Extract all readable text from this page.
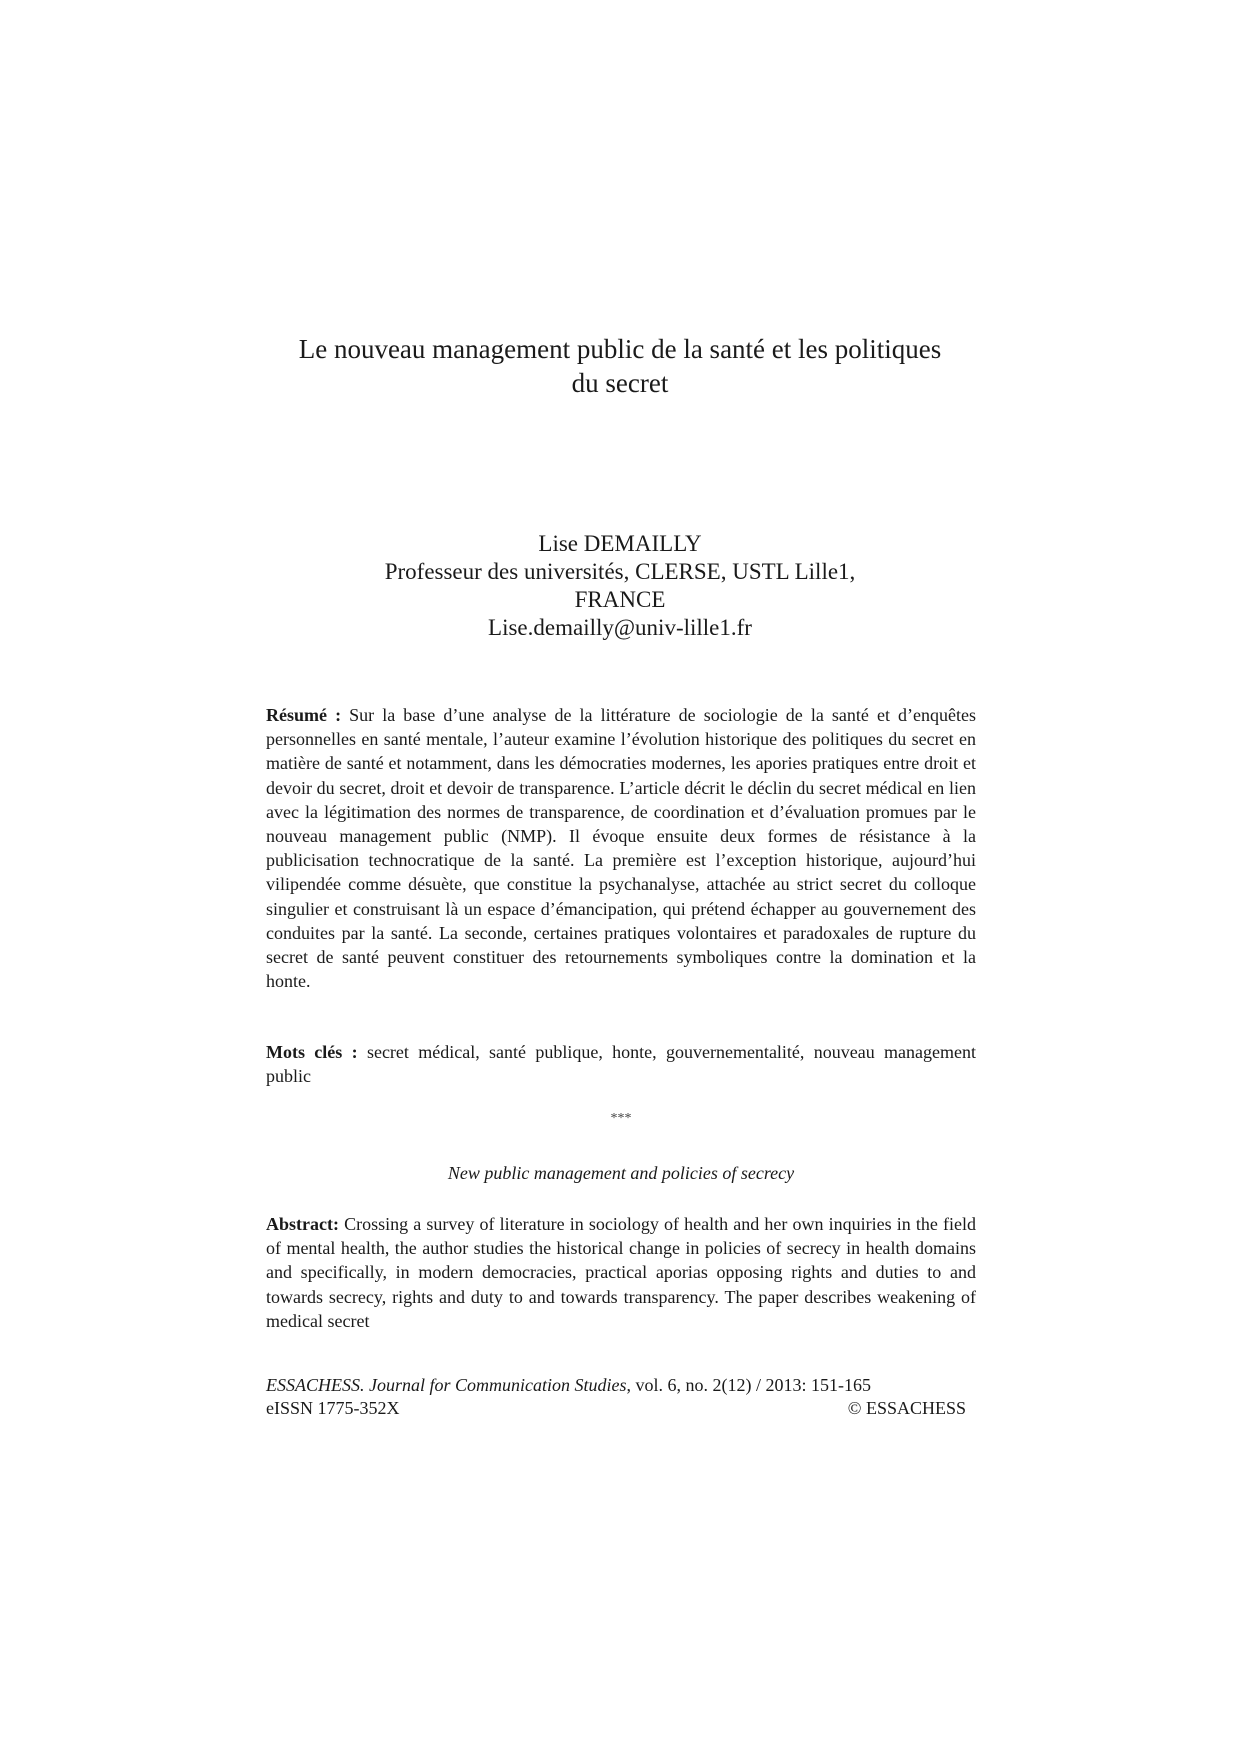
Le nouveau management public de la santé et les politiques
du secret
Lise DEMAILLY
Professeur des universités, CLERSE, USTL Lille1,
FRANCE
Lise.demailly@univ-lille1.fr
Résumé : Sur la base d’une analyse de la littérature de sociologie de la santé et d’enquêtes personnelles en santé mentale, l’auteur examine l’évolution historique des politiques du secret en matière de santé et notamment, dans les démocraties modernes, les apories pratiques entre droit et devoir du secret, droit et devoir de transparence. L’article décrit le déclin du secret médical en lien avec la légitimation des normes de transparence, de coordination et d’évaluation promues par le nouveau management public (NMP). Il évoque ensuite deux formes de résistance à la publicisation technocratique de la santé. La première est l’exception historique, aujourd’hui vilipendée comme désuète, que constitue la psychanalyse, attachée au strict secret du colloque singulier et construisant là un espace d’émancipation, qui prétend échapper au gouvernement des conduites par la santé. La seconde, certaines pratiques volontaires et paradoxales de rupture du secret de santé peuvent constituer des retournements symboliques contre la domination et la honte.
Mots clés : secret médical, santé publique, honte, gouvernementalité, nouveau management public
***
New public management and policies of secrecy
Abstract: Crossing a survey of literature in sociology of health and her own inquiries in the field of mental health, the author studies the historical change in policies of secrecy in health domains and specifically, in modern democracies, practical aporias opposing rights and duties to and towards secrecy, rights and duty to and towards transparency. The paper describes weakening of medical secret
ESSACHESS. Journal for Communication Studies, vol. 6, no. 2(12) / 2013: 151-165
eISSN 1775-352X	© ESSACHESS
